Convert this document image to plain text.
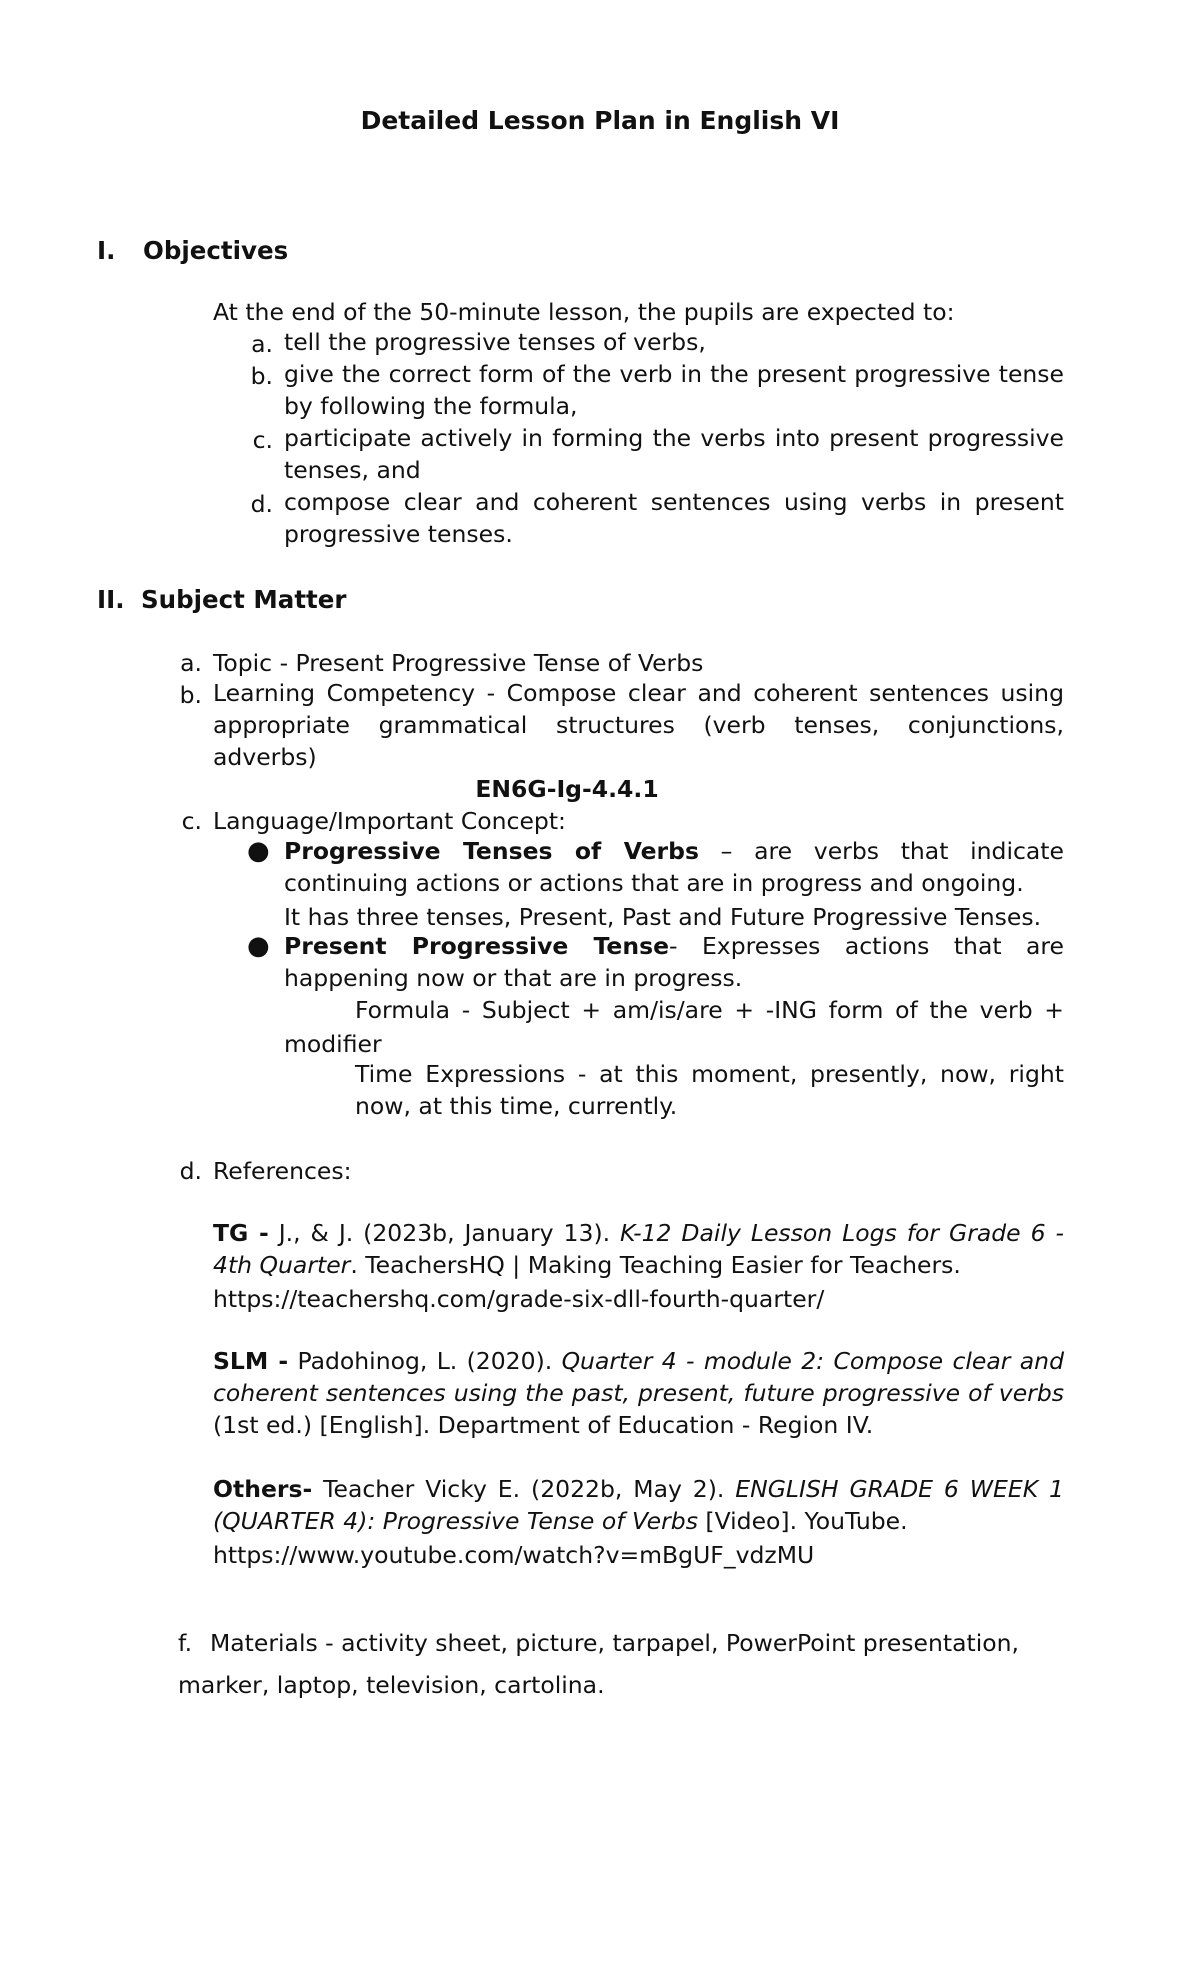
Detailed Lesson Plan in English VI
I. Objectives
At the end of the 50-minute lesson, the pupils are expected to:
a. tell the progressive tenses of verbs,
b. give the correct form of the verb in the present progressive tense by following the formula,
c. participate actively in forming the verbs into present progressive tenses, and
d. compose clear and coherent sentences using verbs in present progressive tenses.
II. Subject Matter
a. Topic - Present Progressive Tense of Verbs
b. Learning Competency - Compose clear and coherent sentences using appropriate grammatical structures (verb tenses, conjunctions, adverbs)
EN6G-Ig-4.4.1
c. Language/Important Concept:
● Progressive Tenses of Verbs – are verbs that indicate continuing actions or actions that are in progress and ongoing.
It has three tenses, Present, Past and Future Progressive Tenses.
● Present Progressive Tense- Expresses actions that are happening now or that are in progress.
Formula - Subject + am/is/are + -ING form of the verb +
modifier
Time Expressions - at this moment, presently, now, right now, at this time, currently.
d. References:
TG - J., & J. (2023b, January 13). K-12 Daily Lesson Logs for Grade 6 - 4th Quarter. TeachersHQ | Making Teaching Easier for Teachers.
https://teachershq.com/grade-six-dll-fourth-quarter/
SLM - Padohinog, L. (2020). Quarter 4 - module 2: Compose clear and coherent sentences using the past, present, future progressive of verbs (1st ed.) [English]. Department of Education - Region IV.
Others- Teacher Vicky E. (2022b, May 2). ENGLISH GRADE 6 WEEK 1 (QUARTER 4): Progressive Tense of Verbs [Video]. YouTube.
https://www.youtube.com/watch?v=mBgUF_vdzMU
f. Materials - activity sheet, picture, tarpapel, PowerPoint presentation,
marker, laptop, television, cartolina.
